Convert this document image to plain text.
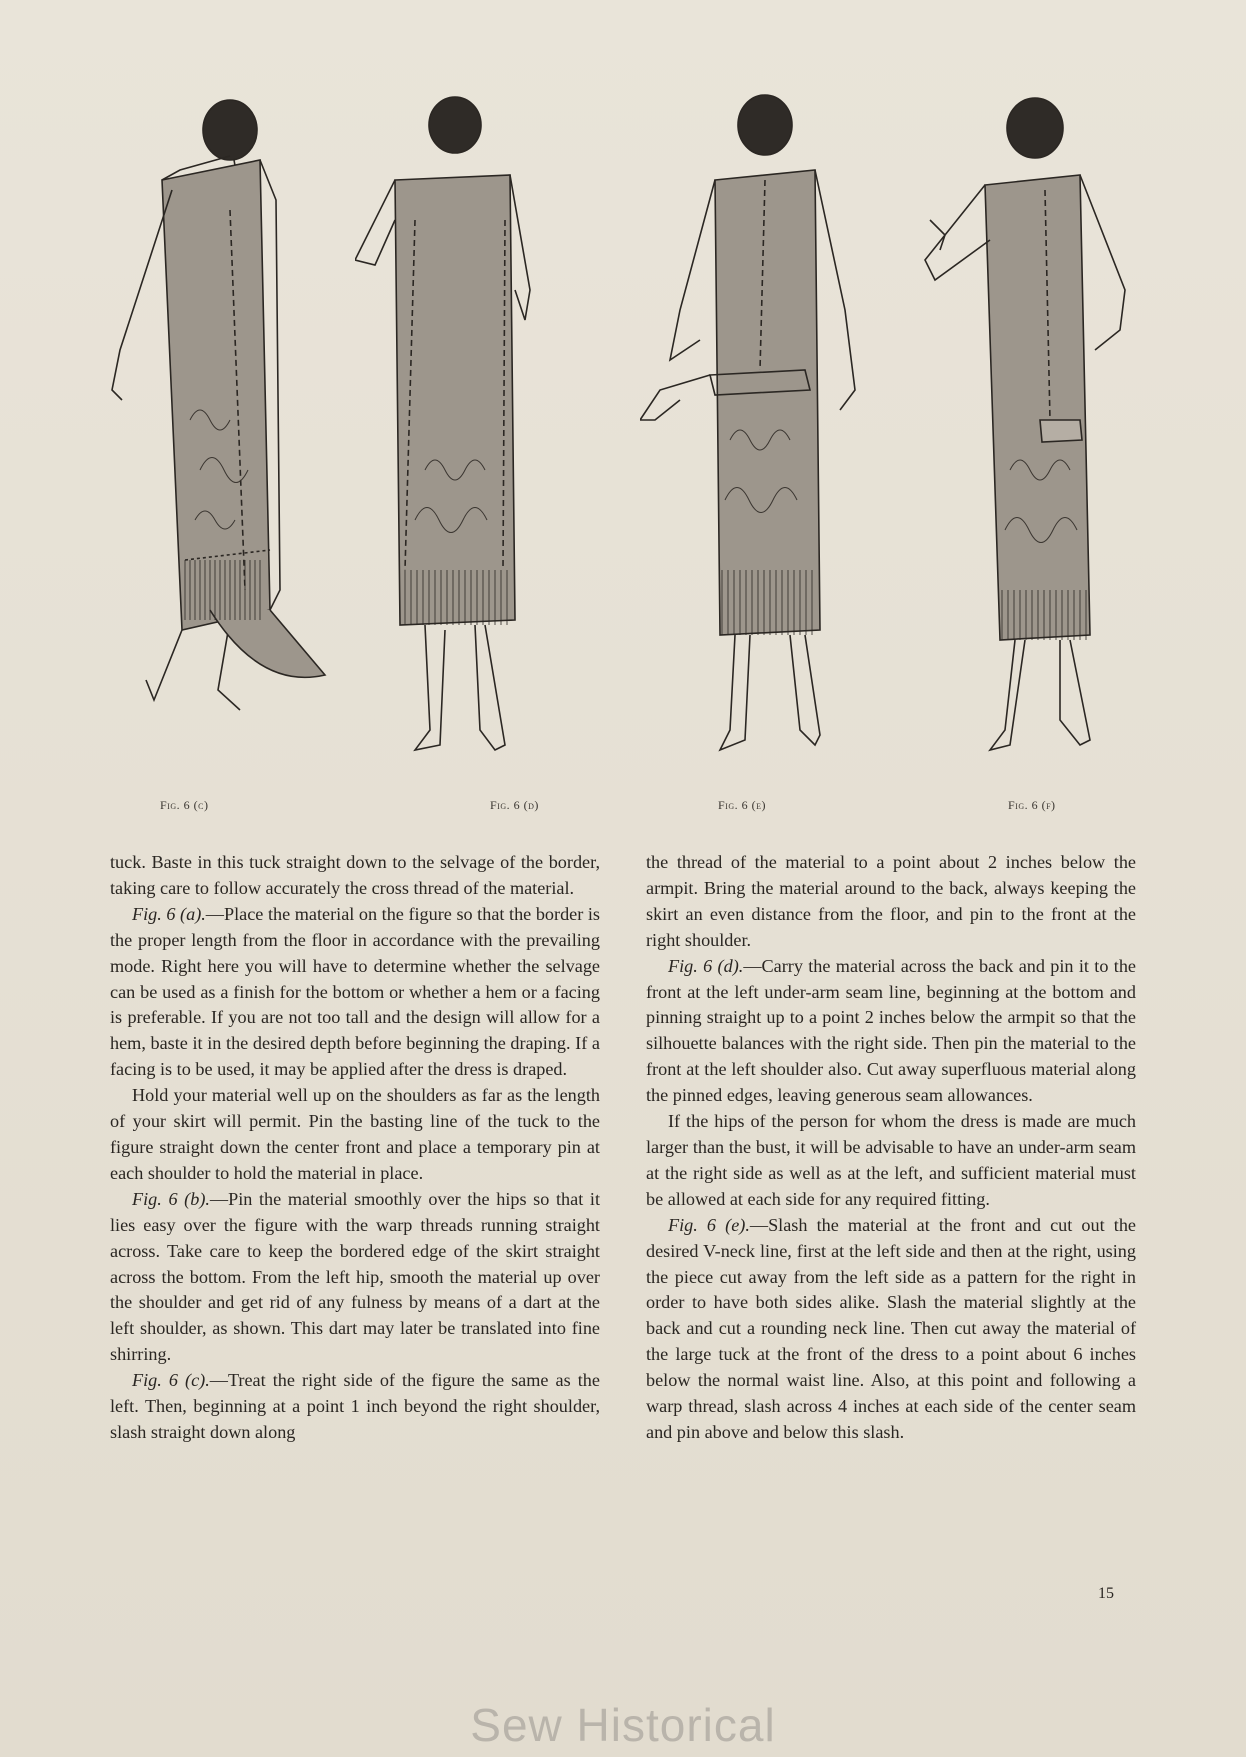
Fig. 6 (c)	Fig. 6 (d)	Fig. 6 (e)	Fig. 6 (f)

tuck. Baste in this tuck straight down to the selvage of the border, taking care to follow accurately the cross thread of the material.

Fig. 6 (a).—Place the material on the figure so that the border is the proper length from the floor in accordance with the prevailing mode. Right here you will have to determine whether the selvage can be used as a finish for the bottom or whether a hem or a facing is preferable. If you are not too tall and the design will allow for a hem, baste it in the desired depth before beginning the draping. If a facing is to be used, it may be applied after the dress is draped.

Hold your material well up on the shoulders as far as the length of your skirt will permit. Pin the basting line of the tuck to the figure straight down the center front and place a temporary pin at each shoulder to hold the material in place.

Fig. 6 (b).—Pin the material smoothly over the hips so that it lies easy over the figure with the warp threads running straight across. Take care to keep the bordered edge of the skirt straight across the bottom. From the left hip, smooth the material up over the shoulder and get rid of any fulness by means of a dart at the left shoulder, as shown. This dart may later be translated into fine shirring.

Fig. 6 (c).—Treat the right side of the figure the same as the left. Then, beginning at a point 1 inch beyond the right shoulder, slash straight down along

the thread of the material to a point about 2 inches below the armpit. Bring the material around to the back, always keeping the skirt an even distance from the floor, and pin to the front at the right shoulder.

Fig. 6 (d).—Carry the material across the back and pin it to the front at the left under-arm seam line, beginning at the bottom and pinning straight up to a point 2 inches below the armpit so that the silhouette balances with the right side. Then pin the material to the front at the left shoulder also. Cut away superfluous material along the pinned edges, leaving generous seam allowances.

If the hips of the person for whom the dress is made are much larger than the bust, it will be advisable to have an under-arm seam at the right side as well as at the left, and sufficient material must be allowed at each side for any required fitting.

Fig. 6 (e).—Slash the material at the front and cut out the desired V-neck line, first at the left side and then at the right, using the piece cut away from the left side as a pattern for the right in order to have both sides alike. Slash the material slightly at the back and cut a rounding neck line. Then cut away the material of the large tuck at the front of the dress to a point about 6 inches below the normal waist line. Also, at this point and following a warp thread, slash across 4 inches at each side of the center seam and pin above and below this slash.

15
Sew Historical
